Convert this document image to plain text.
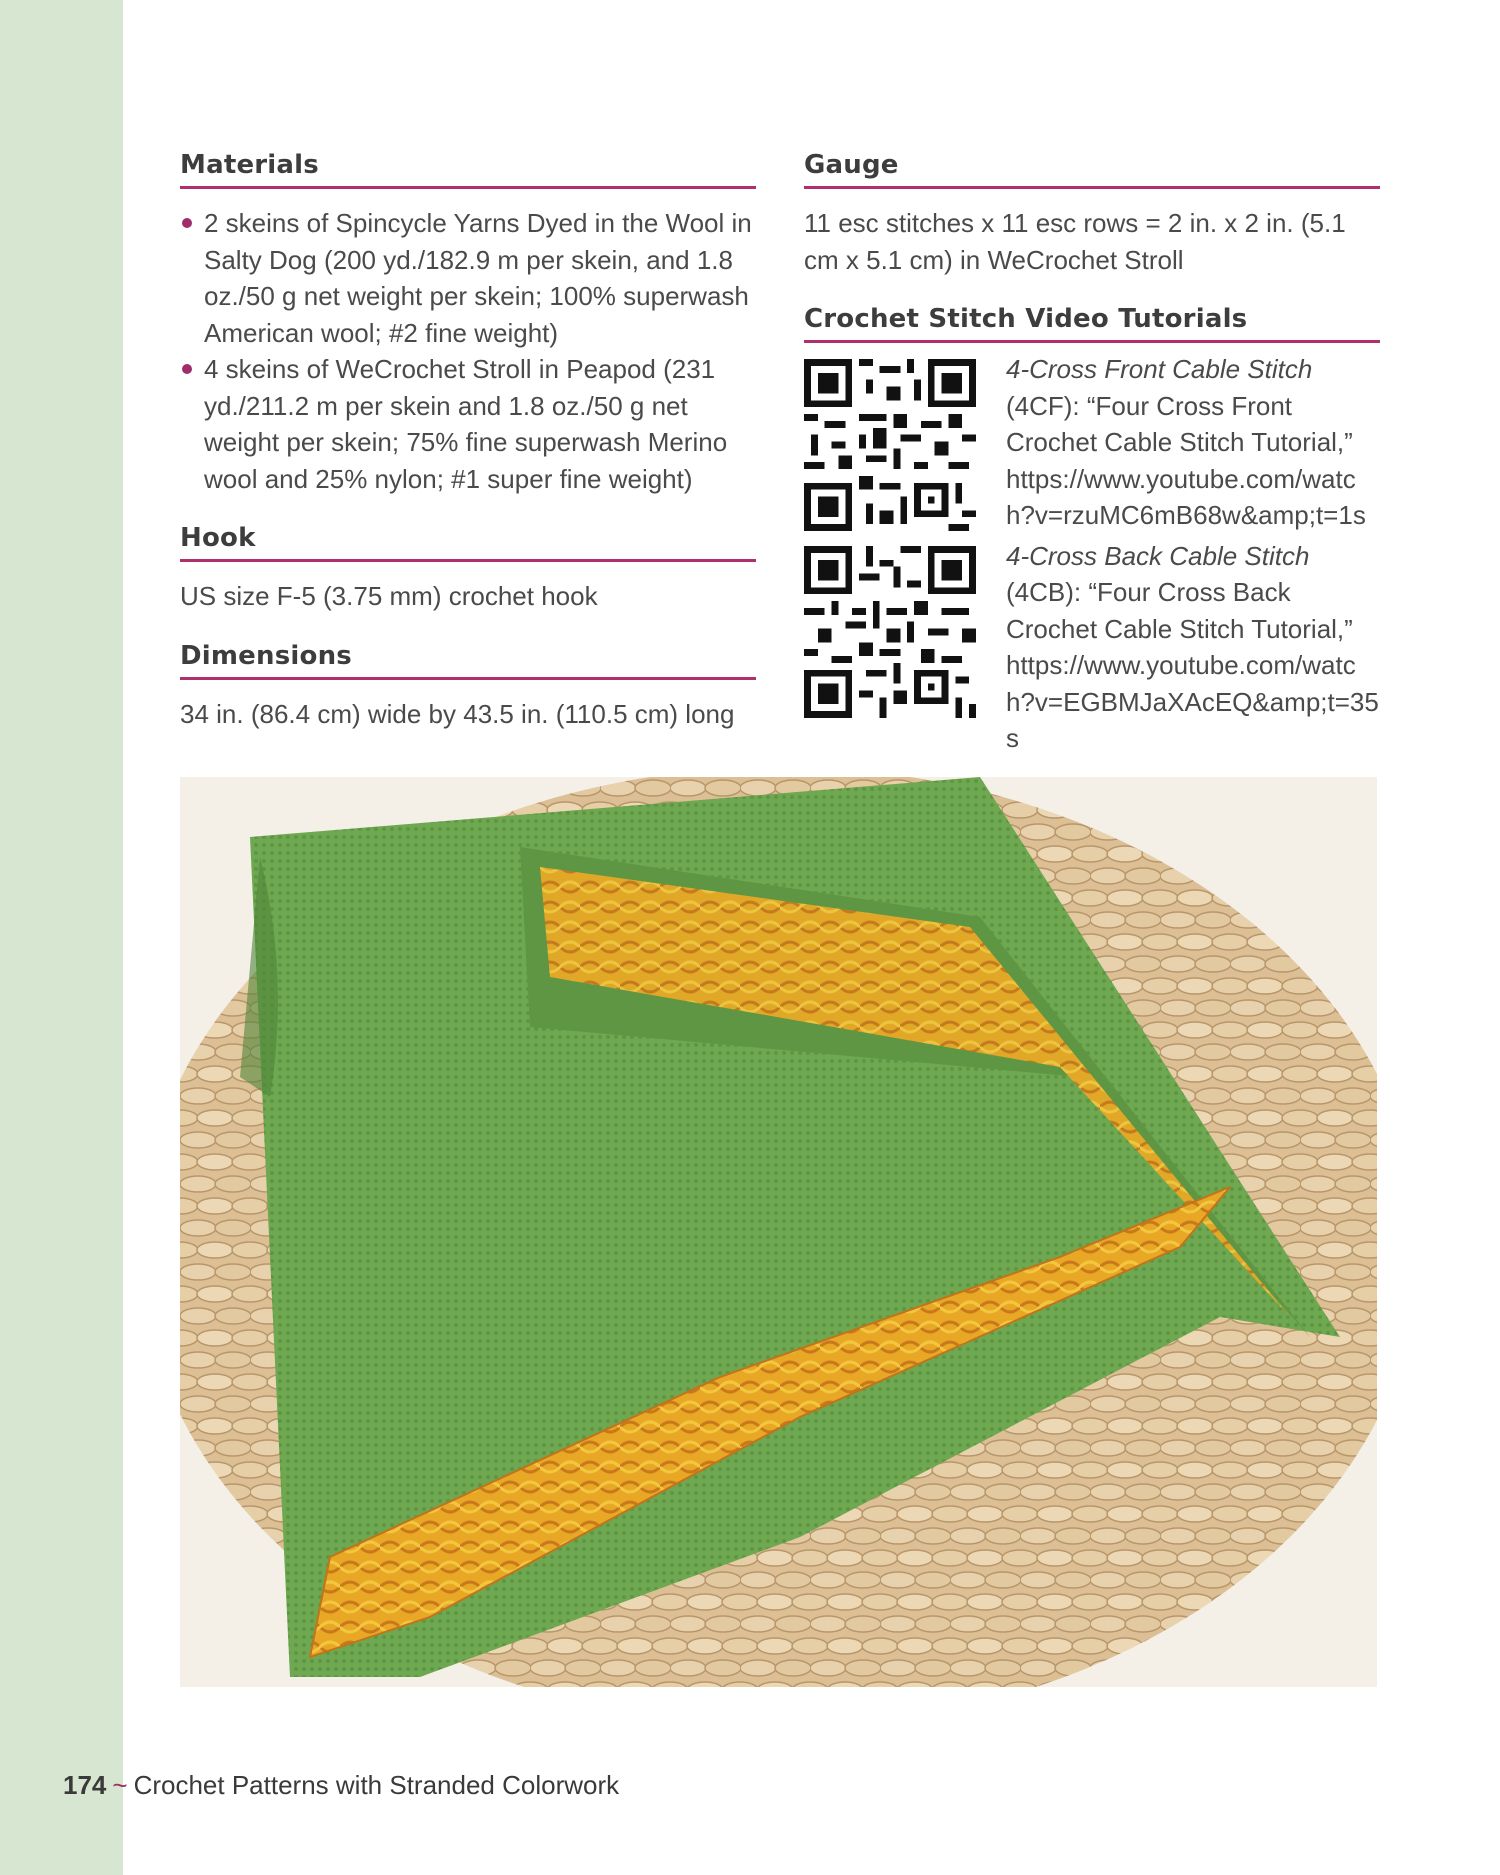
Materials
2 skeins of Spincycle Yarns Dyed in the Wool in Salty Dog (200 yd./182.9 m per skein, and 1.8 oz./50 g net weight per skein; 100% superwash American wool; #2 fine weight)
4 skeins of WeCrochet Stroll in Peapod (231 yd./211.2 m per skein and 1.8 oz./50 g net weight per skein; 75% fine superwash Merino wool and 25% nylon; #1 super fine weight)
Hook
US size F-5 (3.75 mm) crochet hook
Dimensions
34 in. (86.4 cm) wide by 43.5 in. (110.5 cm) long
Gauge
11 esc stitches x 11 esc rows = 2 in. x 2 in. (5.1 cm x 5.1 cm) in WeCrochet Stroll
Crochet Stitch Video Tutorials
4-Cross Front Cable Stitch
(4CF): “Four Cross Front Crochet Cable Stitch Tutorial,”
https://www.youtube.com/watch?v=rzuMC6mB68w&amp;t=1s
4-Cross Back Cable Stitch
(4CB): “Four Cross Back Crochet Cable Stitch Tutorial,”
https://www.youtube.com/watch?v=EGBMJaXAcEQ&amp;t=35s
174 ~ Crochet Patterns with Stranded Colorwork
